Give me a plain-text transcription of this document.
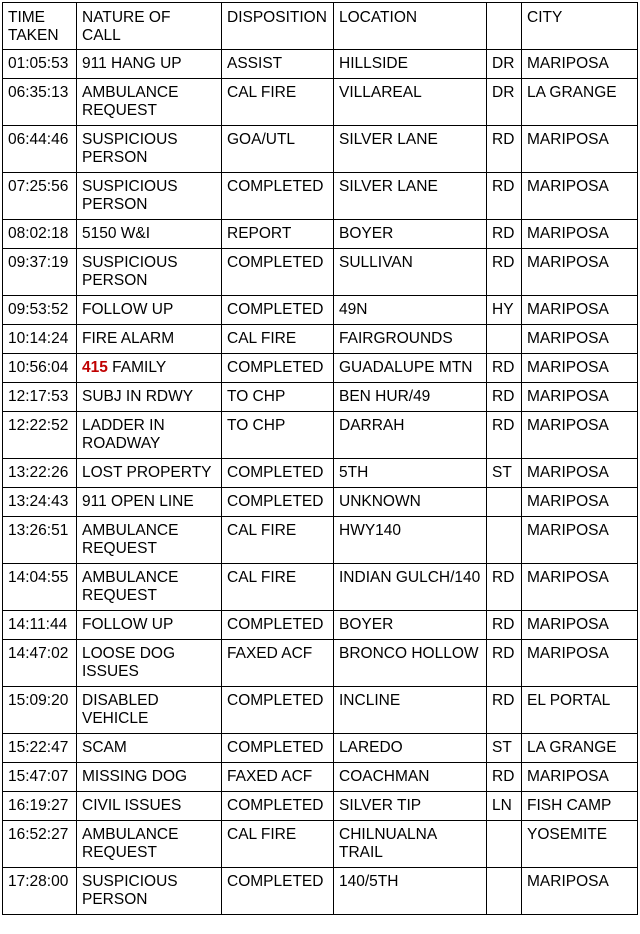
TIME
TAKEN	NATURE OF
CALL	DISPOSITION	LOCATION		CITY
01:05:53	911 HANG UP	ASSIST	HILLSIDE	DR	MARIPOSA
06:35:13	AMBULANCE
REQUEST	CAL FIRE	VILLAREAL	DR	LA GRANGE
06:44:46	SUSPICIOUS
PERSON	GOA/UTL	SILVER LANE	RD	MARIPOSA
07:25:56	SUSPICIOUS
PERSON	COMPLETED	SILVER LANE	RD	MARIPOSA
08:02:18	5150 W&I	REPORT	BOYER	RD	MARIPOSA
09:37:19	SUSPICIOUS
PERSON	COMPLETED	SULLIVAN	RD	MARIPOSA
09:53:52	FOLLOW UP	COMPLETED	49N	HY	MARIPOSA
10:14:24	FIRE ALARM	CAL FIRE	FAIRGROUNDS		MARIPOSA
10:56:04	415 FAMILY	COMPLETED	GUADALUPE MTN	RD	MARIPOSA
12:17:53	SUBJ IN RDWY	TO CHP	BEN HUR/49	RD	MARIPOSA
12:22:52	LADDER IN
ROADWAY	TO CHP	DARRAH	RD	MARIPOSA
13:22:26	LOST PROPERTY	COMPLETED	5TH	ST	MARIPOSA
13:24:43	911 OPEN LINE	COMPLETED	UNKNOWN		MARIPOSA
13:26:51	AMBULANCE
REQUEST	CAL FIRE	HWY140		MARIPOSA
14:04:55	AMBULANCE
REQUEST	CAL FIRE	INDIAN GULCH/140	RD	MARIPOSA
14:11:44	FOLLOW UP	COMPLETED	BOYER	RD	MARIPOSA
14:47:02	LOOSE DOG
ISSUES	FAXED ACF	BRONCO HOLLOW	RD	MARIPOSA
15:09:20	DISABLED
VEHICLE	COMPLETED	INCLINE	RD	EL PORTAL
15:22:47	SCAM	COMPLETED	LAREDO	ST	LA GRANGE
15:47:07	MISSING DOG	FAXED ACF	COACHMAN	RD	MARIPOSA
16:19:27	CIVIL ISSUES	COMPLETED	SILVER TIP	LN	FISH CAMP
16:52:27	AMBULANCE
REQUEST	CAL FIRE	CHILNUALNA
TRAIL		YOSEMITE
17:28:00	SUSPICIOUS
PERSON	COMPLETED	140/5TH		MARIPOSA
